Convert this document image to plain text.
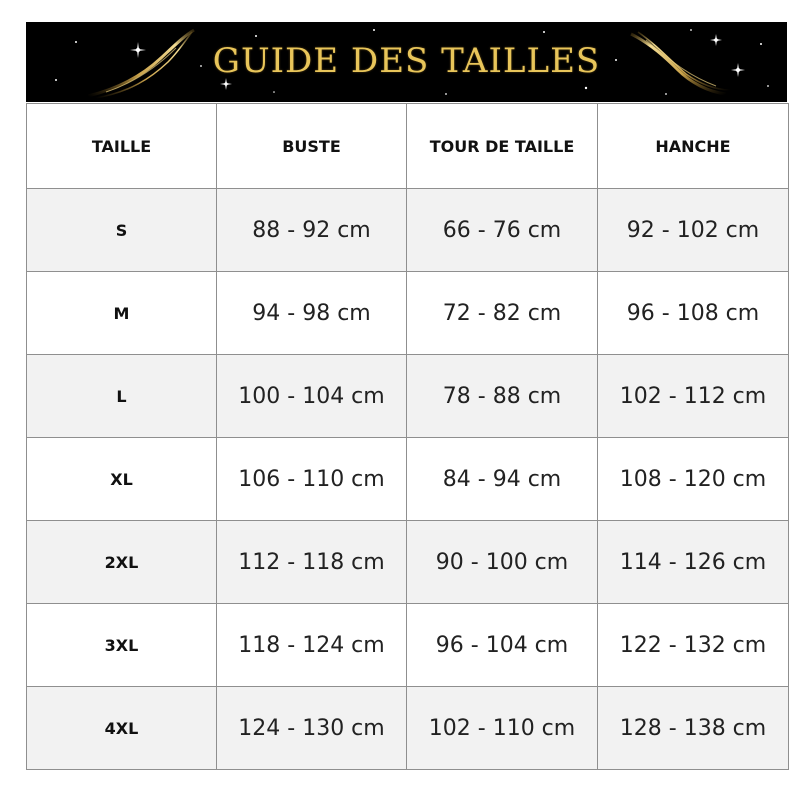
GUIDE DES TAILLES
TAILLE	BUSTE	TOUR DE TAILLE	HANCHE
S	88 - 92 cm	66 - 76 cm	92 - 102 cm
M	94 - 98 cm	72 - 82 cm	96 - 108 cm
L	100 - 104 cm	78 - 88 cm	102 - 112 cm
XL	106 - 110 cm	84 - 94 cm	108 - 120 cm
2XL	112 - 118 cm	90 - 100 cm	114 - 126 cm
3XL	118 - 124 cm	96 - 104 cm	122 - 132 cm
4XL	124 - 130 cm	102 - 110 cm	128 - 138 cm
